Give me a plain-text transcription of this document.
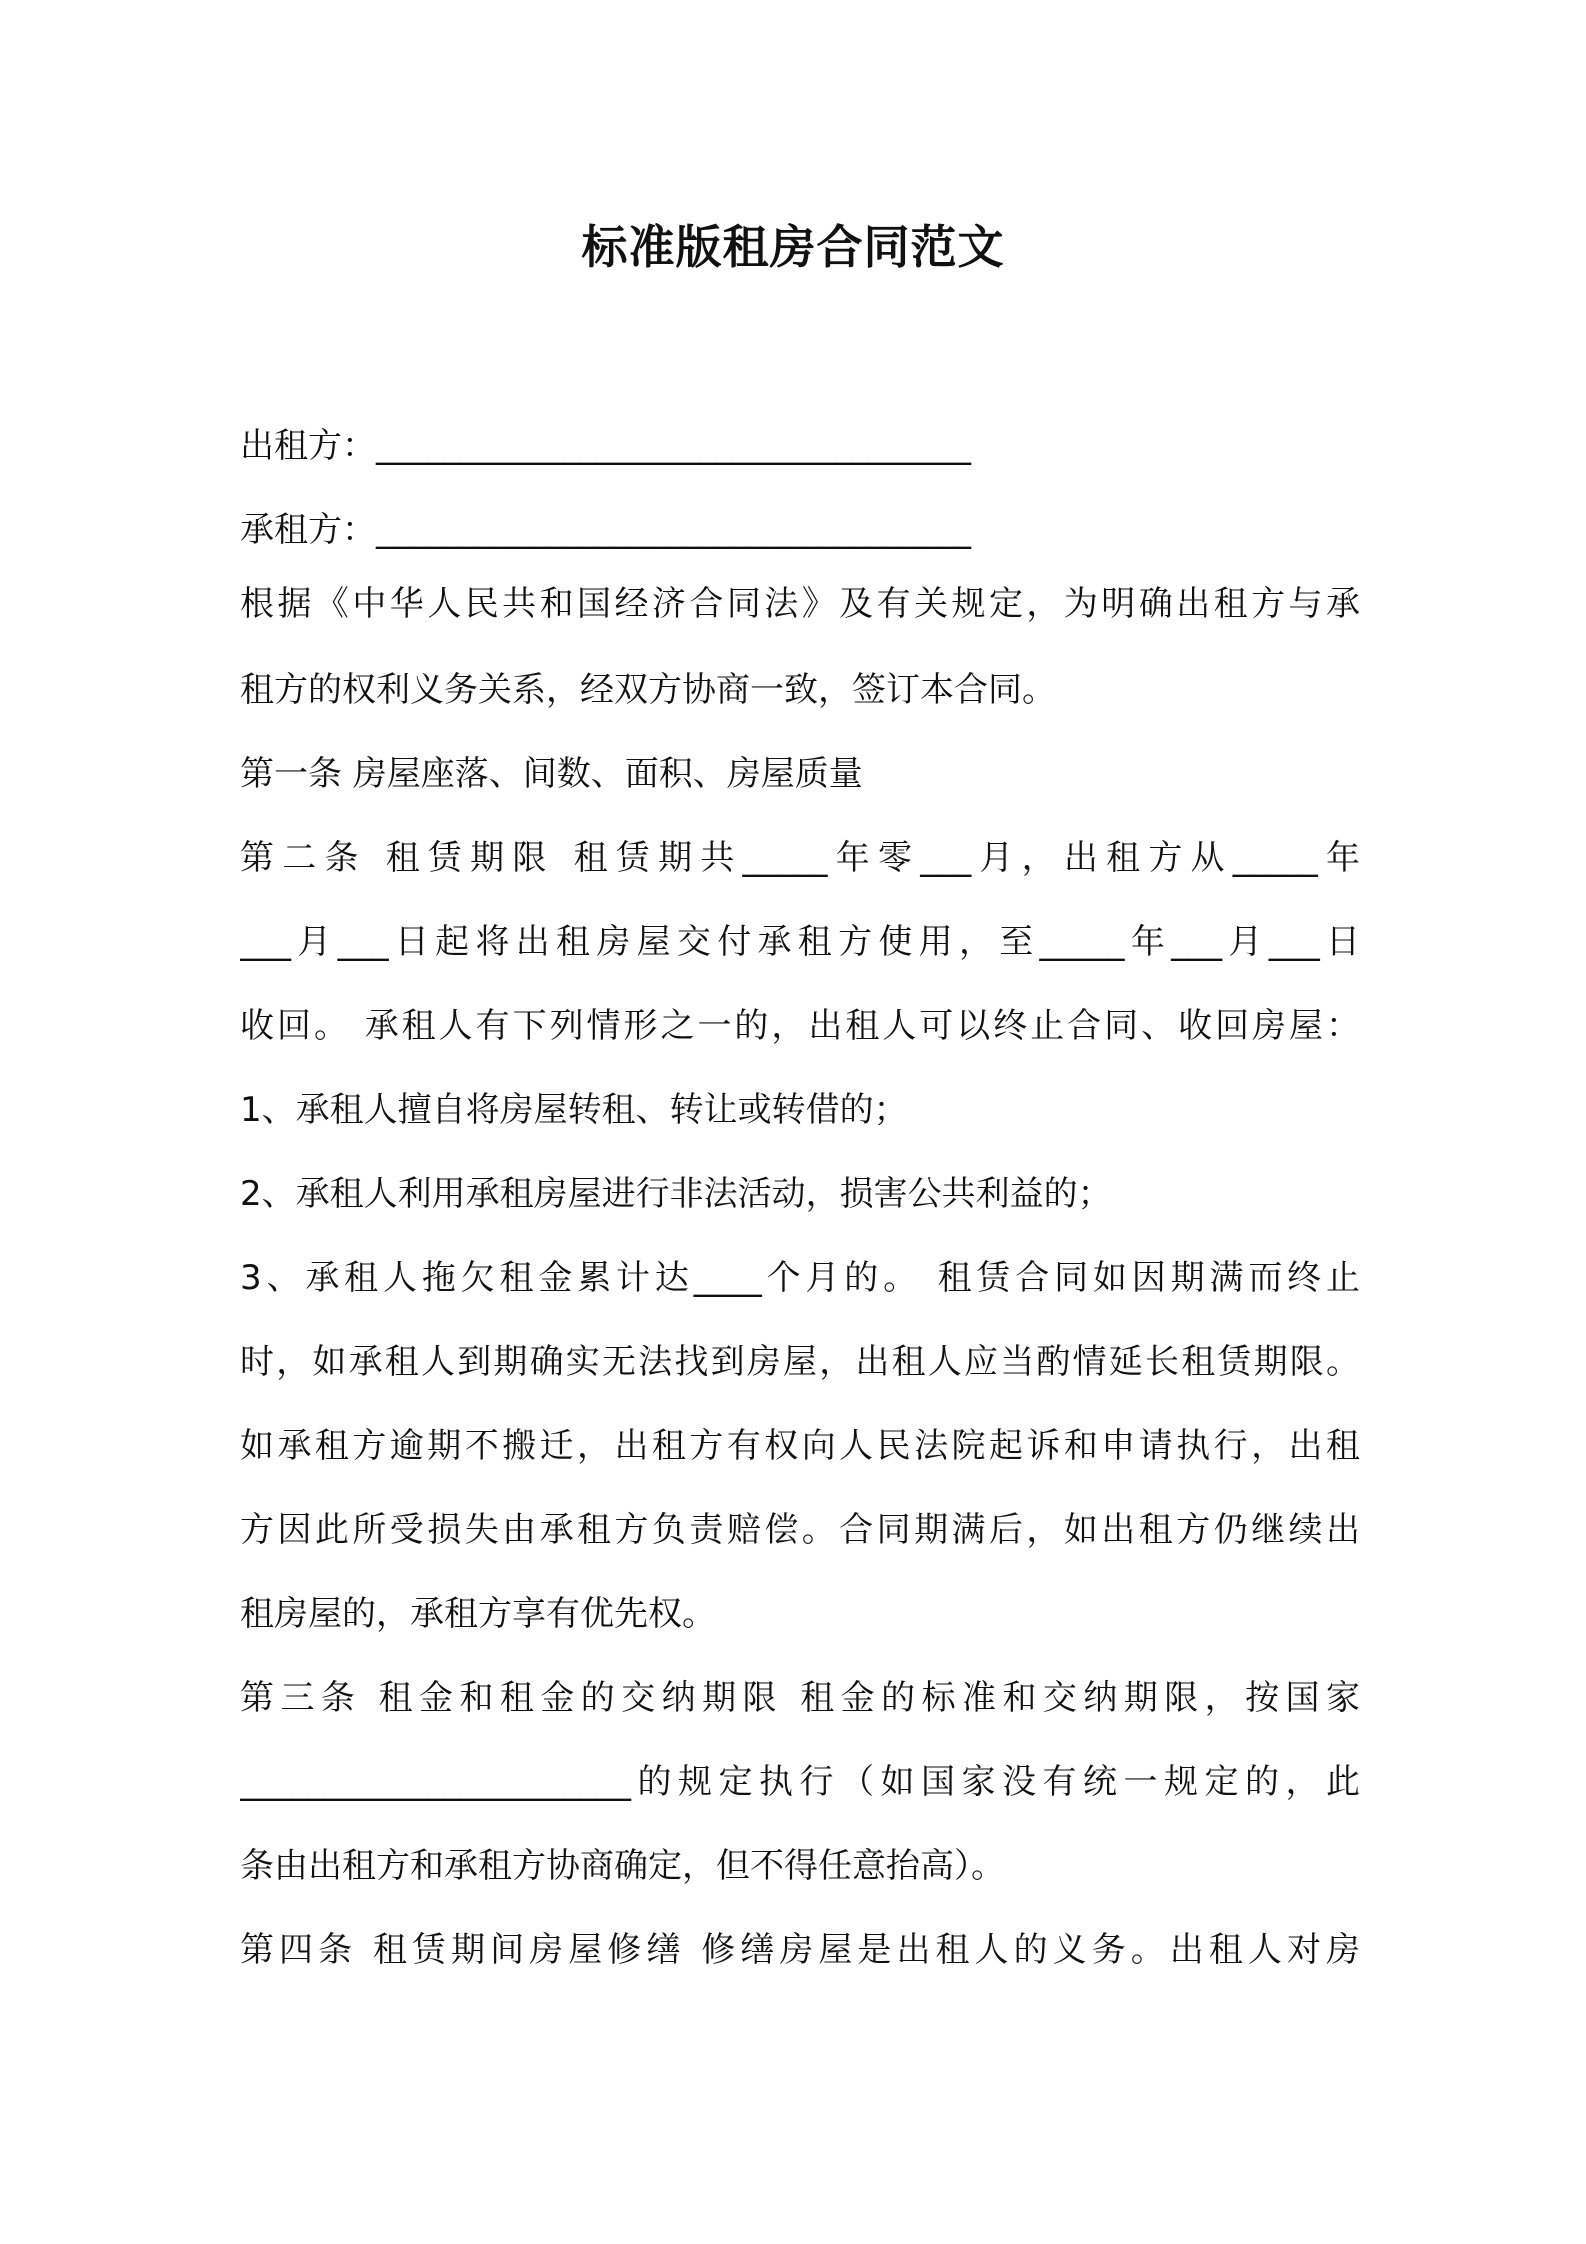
标准版租房合同范文
出租方：___________________________________
承租方：___________________________________
根据《中华人民共和国经济合同法》及有关规定，为明确出租方与承
租方的权利义务关系，经双方协商一致，签订本合同。
第一条 房屋座落、间数、面积、房屋质量
第二条 租赁期限 租赁期共_____年零___月，出租方从_____年
___月___日起将出租房屋交付承租方使用，至_____年___月___日
收回。 承租人有下列情形之一的，出租人可以终止合同、收回房屋：
1、承租人擅自将房屋转租、转让或转借的；
2、承租人利用承租房屋进行非法活动，损害公共利益的；
3、承租人拖欠租金累计达____个月的。 租赁合同如因期满而终止
时，如承租人到期确实无法找到房屋，出租人应当酌情延长租赁期限。
如承租方逾期不搬迁，出租方有权向人民法院起诉和申请执行，出租
方因此所受损失由承租方负责赔偿。合同期满后，如出租方仍继续出
租房屋的，承租方享有优先权。
第三条 租金和租金的交纳期限 租金的标准和交纳期限，按国家
_______________________的规定执行（如国家没有统一规定的，此
条由出租方和承租方协商确定，但不得任意抬高）。
第四条 租赁期间房屋修缮 修缮房屋是出租人的义务。出租人对房
